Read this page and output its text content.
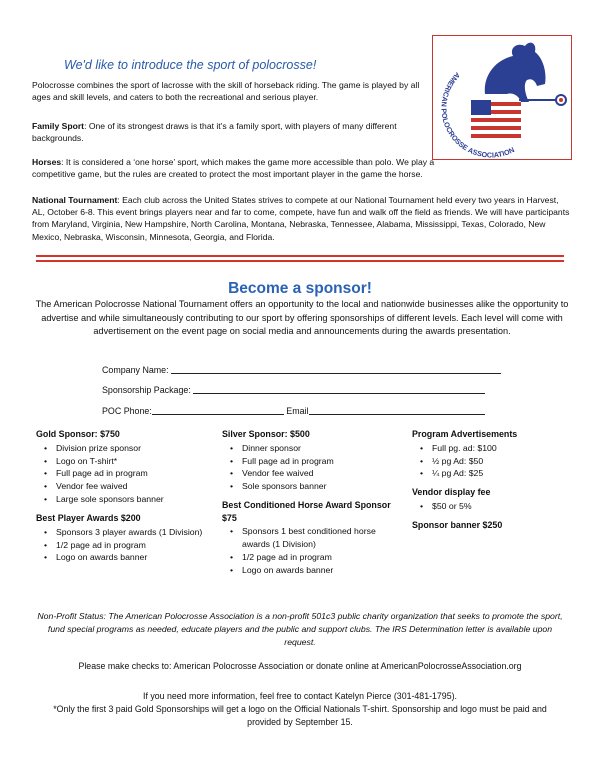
We'd like to introduce the sport of polocrosse!
Polocrosse combines the sport of lacrosse with the skill of horseback riding. The game is played by all ages and skill levels, and caters to both the recreational and serious player.
Family Sport: One of its strongest draws is that it’s a family sport, with players of many different backgrounds.
Horses: It is considered a ‘one horse’ sport, which makes the game more accessible than polo. We play a competitive game, but the rules are created to protect the most important player in the game the horse.
National Tournament: Each club across the United States strives to compete at our National Tournament held every two years in Harvest, AL, October 6-8. This event brings players near and far to come, compete, have fun and walk off the field as friends. We will have participants from Maryland, Virginia, New Hampshire, North Carolina, Montana, Nebraska, Tennessee, Alabama, Mississippi, Texas, Colorado, New Mexico, Nebraska, Wisconsin, Minnesota, Georgia, and Florida.
AMERICAN POLOCROSSE ASSOCIATION
Become a sponsor!
The American Polocrosse National Tournament offers an opportunity to the local and nationwide businesses alike the opportunity to advertise and while simultaneously contributing to our sport by offering sponsorships of different levels. Each level will come with advertisement on the event page on social media and announcements during the awards presentation.
Company Name:
Sponsorship Package:
POC Phone:	Email
Gold Sponsor: $750
• Division prize sponsor
• Logo on T-shirt*
• Full page ad in program
• Vendor fee waived
• Large sole sponsors banner
Best Player Awards $200
• Sponsors 3 player awards (1 Division)
• 1/2 page ad in program
• Logo on awards banner
Silver Sponsor: $500
• Dinner sponsor
• Full page ad in program
• Vendor fee waived
• Sole sponsors banner
Best Conditioned Horse Award Sponsor $75
• Sponsors 1 best conditioned horse awards (1 Division)
• 1/2 page ad in program
• Logo on awards banner
Program Advertisements
• Full pg. ad: $100
• ½ pg Ad: $50
• ¼ pg Ad: $25
Vendor display fee
• $50 or 5%
Sponsor banner $250
Non-Profit Status: The American Polocrosse Association is a non-profit 501c3 public charity organization that seeks to promote the sport, fund special programs as needed, educate players and the public and support clubs. The IRS Determination letter is available upon request.
Please make checks to: American Polocrosse Association or donate online at AmericanPolocrosseAssociation.org
If you need more information, feel free to contact Katelyn Pierce (301-481-1795).
*Only the first 3 paid Gold Sponsorships will get a logo on the Official Nationals T-shirt. Sponsorship and logo must be paid and provided by September 15.
